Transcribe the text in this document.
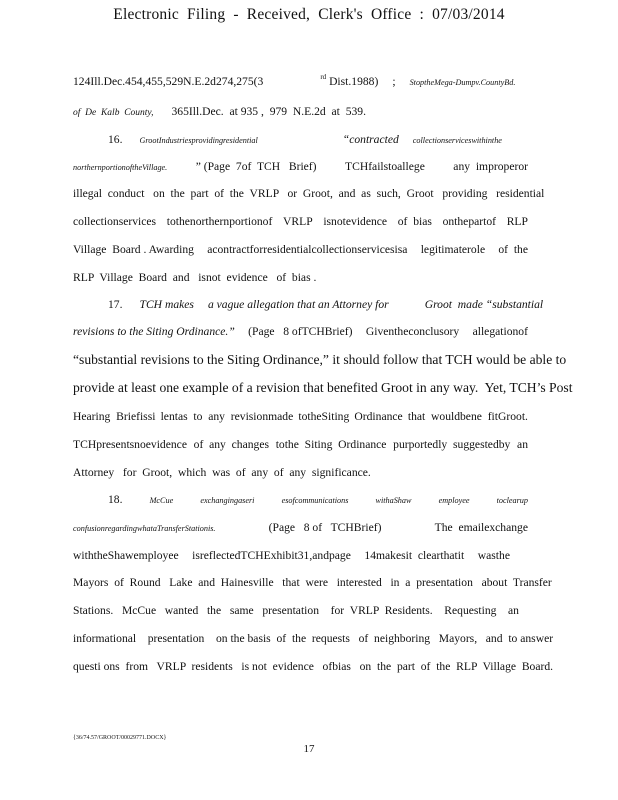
Electronic Filing - Received, Clerk's Office : 07/03/2014
124Ill.Dec.454,455,529N.E.2d274,275(3	$^{rd}$ Dist.1988) ; StoptheMega-Dumpv.CountyBd.
of  De  Kalb  County, 365Ill.Dec.  at 935 ,  979  N.E.2d  at  539.
16. GrootIndustriesprovidingresidential	“contracted collectionserviceswithinthe
northernportionoftheVillage. ” (Page  7of  TCH   Brief) TCHfailstoallege any  improperor
illegal  conduct   on  the  part  of  the  VRLP   or  Groot,  and  as  such,  Groot   providing   residential
collectionservices tothenorthernportionof VRLP isnotevidence of  bias onthepartof RLP
Village  Board . Awarding acontractforresidentialcollectionservicesisa legitimaterole of  the
RLP  Village  Board  and   isnot  evidence   of  bias .
17. TCH makes a vague allegation that an Attorney for	Groot  made “substantial
revisions to the Siting Ordinance.” (Page   8 ofTCHBrief) Giventheconclusory allegationof
“substantial revisions to the Siting Ordinance,” it should follow that TCH would be able to
provide at least one example of a revision that benefited Groot in any way.  Yet, TCH’s Post
Hearing  Briefissi lentas  to  any  revisionmade totheSiting Ordinance that  wouldbene  fitGroot.
TCHpresentsnoevidence of  any  changes tothe  Siting  Ordinance purportedly  suggestedby an
Attorney   for  Groot,  which  was  of  any  of  any  significance.
18.	McCue	exchangingaseri	esofcommunications	withaShaw	employee	toclearup
confusionregardingwhataTransferStationis.	(Page   8 of   TCHBrief)	The  emailexchange
withtheShawemployee isreflectedTCHExhibit31,andpage 14makesit  clearthatit wasthe
Mayors  of  Round   Lake  and  Hainesville   that  were   interested   in  a  presentation   about  Transfer
Stations.   McCue   wanted   the   same   presentation    for  VRLP  Residents.    Requesting    an
informational    presentation    on the basis  of  the  requests   of  neighboring   Mayors,   and  to answer
questi ons  from   VRLP  residents   is not  evidence   ofbias   on  the  part  of  the  RLP  Village  Board.
{36/74.57/GROOT/00029771.DOCX}
17
